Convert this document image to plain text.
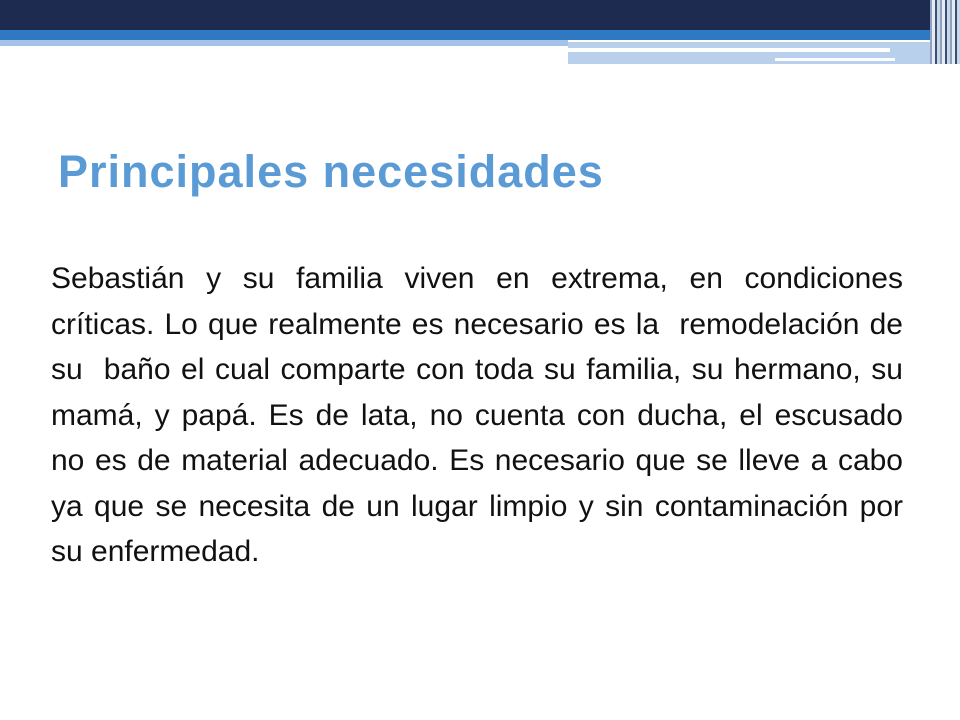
Principales necesidades

Sebastián y su familia viven en extrema, en condiciones críticas. Lo que realmente es necesario es la  remodelación de su  baño el cual comparte con toda su familia, su hermano, su mamá, y papá. Es de lata, no cuenta con ducha, el escusado no es de material adecuado. Es necesario que se lleve a cabo ya que se necesita de un lugar limpio y sin contaminación por su enfermedad.
